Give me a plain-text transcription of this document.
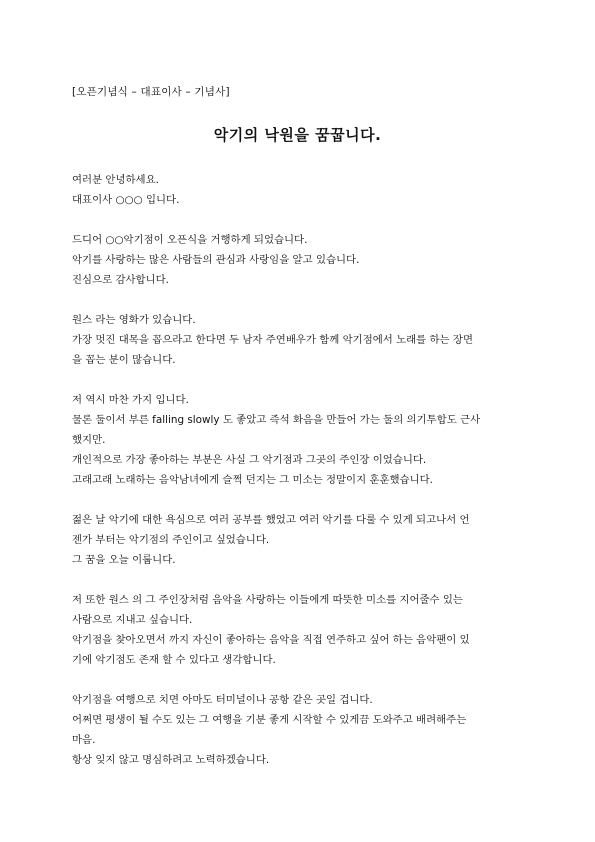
[오픈기념식 – 대표이사 – 기념사]
악기의 낙원을 꿈꿉니다.
여러분 안녕하세요.
대표이사 ○○○ 입니다.
드디어 ○○악기점이 오픈식을 거행하게 되었습니다.
악기를 사랑하는 많은 사람들의 관심과 사랑임을 알고 있습니다.
진심으로 감사합니다.
원스 라는 영화가 있습니다.
가장 멋진 대목을 꼽으라고 한다면 두 남자 주연배우가 함께 악기점에서 노래를 하는 장면
을 꼽는 분이 많습니다.
저 역시 마찬 가지 입니다.
물론 둘이서 부른 falling slowly 도 좋았고 즉석 화음을 만들어 가는 둘의 의기투합도 근사
했지만.
개인적으로 가장 좋아하는 부분은 사실 그 악기점과 그곳의 주인장 이었습니다.
고래고래 노래하는 음악남녀에게 슬쩍 던지는 그 미소는 정말이지 훈훈했습니다.
젊은 날 악기에 대한 욕심으로 여러 공부를 했었고 여러 악기를 다룰 수 있게 되고나서 언
젠가 부터는 악기점의 주인이고 싶었습니다.
그 꿈을 오늘 이룹니다.
저 또한 원스 의 그 주인장처럼 음악을 사랑하는 이들에게 따뜻한 미소를 지어줄수 있는
사람으로 지내고 싶습니다.
악기점을 찾아오면서 까지 자신이 좋아하는 음악을 직접 연주하고 싶어 하는 음악팬이 있
기에 악기점도 존재 할 수 있다고 생각합니다.
악기점을 여행으로 치면 아마도 터미널이나 공항 같은 곳일 겁니다.
어쩌면 평생이 될 수도 있는 그 여행을 기분 좋게 시작할 수 있게끔 도와주고 배려해주는
마음.
항상 잊지 않고 명심하려고 노력하겠습니다.
